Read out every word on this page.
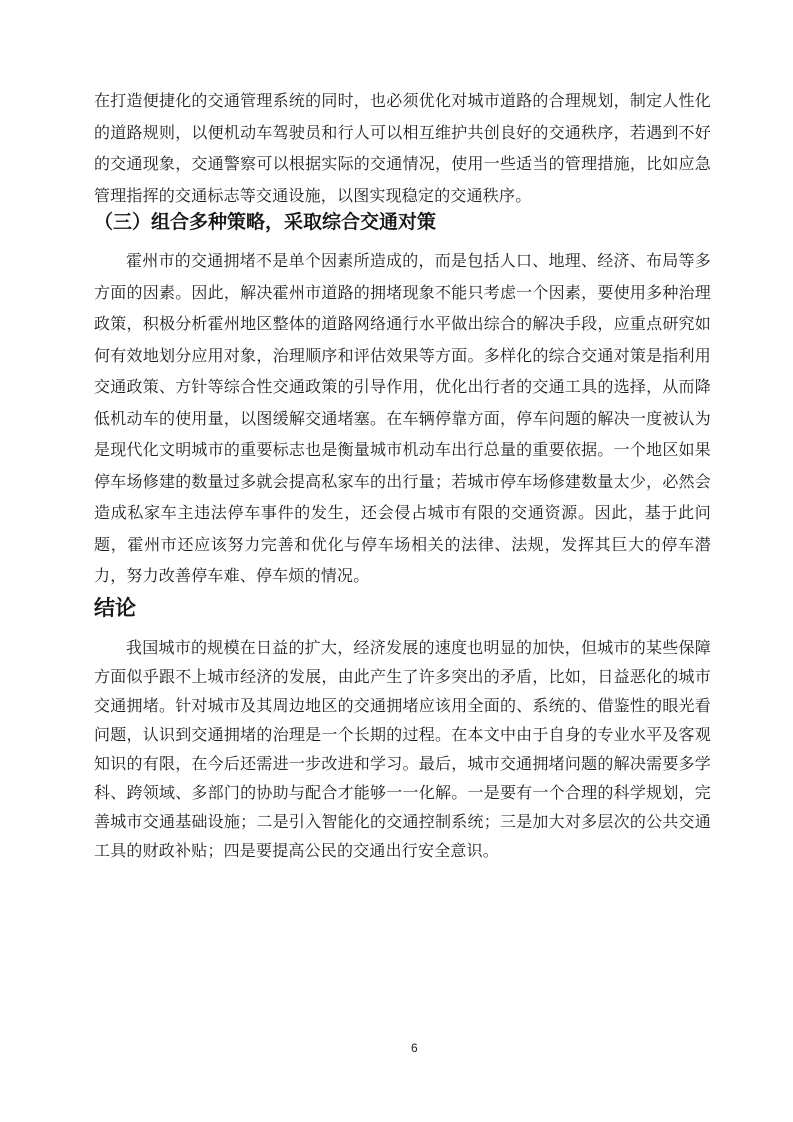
在打造便捷化的交通管理系统的同时，也必须优化对城市道路的合理规划，制定人性化的道路规则，以便机动车驾驶员和行人可以相互维护共创良好的交通秩序，若遇到不好的交通现象，交通警察可以根据实际的交通情况，使用一些适当的管理措施，比如应急管理指挥的交通标志等交通设施，以图实现稳定的交通秩序。

（三）组合多种策略，采取综合交通对策

霍州市的交通拥堵不是单个因素所造成的，而是包括人口、地理、经济、布局等多方面的因素。因此，解决霍州市道路的拥堵现象不能只考虑一个因素，要使用多种治理政策，积极分析霍州地区整体的道路网络通行水平做出综合的解决手段，应重点研究如何有效地划分应用对象，治理顺序和评估效果等方面。多样化的综合交通对策是指利用交通政策、方针等综合性交通政策的引导作用，优化出行者的交通工具的选择，从而降低机动车的使用量，以图缓解交通堵塞。在车辆停靠方面，停车问题的解决一度被认为是现代化文明城市的重要标志也是衡量城市机动车出行总量的重要依据。一个地区如果停车场修建的数量过多就会提高私家车的出行量；若城市停车场修建数量太少，必然会造成私家车主违法停车事件的发生，还会侵占城市有限的交通资源。因此，基于此问题，霍州市还应该努力完善和优化与停车场相关的法律、法规，发挥其巨大的停车潜力，努力改善停车难、停车烦的情况。

结论

我国城市的规模在日益的扩大，经济发展的速度也明显的加快，但城市的某些保障方面似乎跟不上城市经济的发展，由此产生了许多突出的矛盾，比如，日益恶化的城市交通拥堵。针对城市及其周边地区的交通拥堵应该用全面的、系统的、借鉴性的眼光看问题，认识到交通拥堵的治理是一个长期的过程。在本文中由于自身的专业水平及客观知识的有限，在今后还需进一步改进和学习。最后，城市交通拥堵问题的解决需要多学科、跨领域、多部门的协助与配合才能够一一化解。一是要有一个合理的科学规划，完善城市交通基础设施；二是引入智能化的交通控制系统；三是加大对多层次的公共交通工具的财政补贴；四是要提高公民的交通出行安全意识。

6
